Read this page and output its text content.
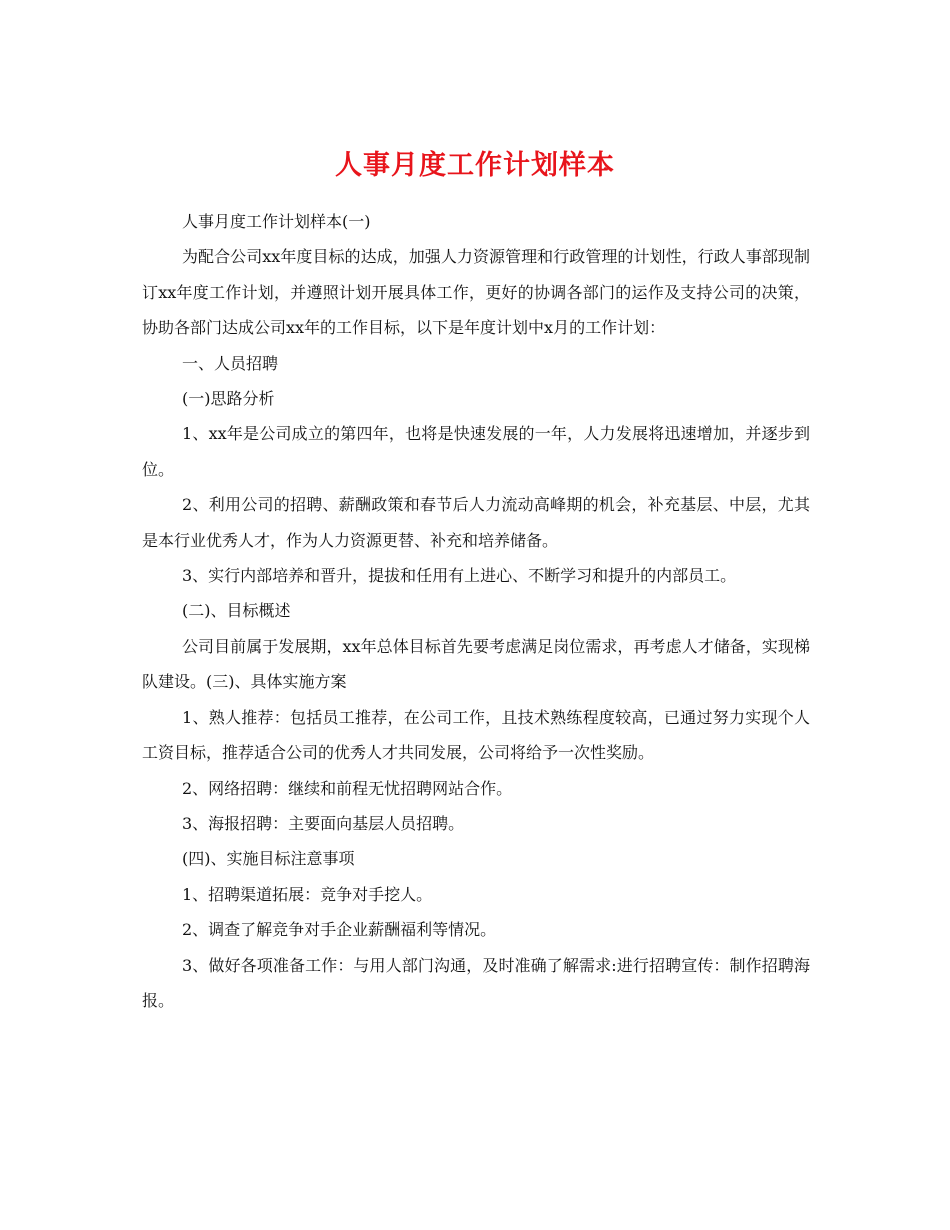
人事月度工作计划样本

人事月度工作计划样本(一)

为配合公司xx年度目标的达成，加强人力资源管理和行政管理的计划性，行政人事部现制订xx年度工作计划，并遵照计划开展具体工作，更好的协调各部门的运作及支持公司的决策，协助各部门达成公司xx年的工作目标，以下是年度计划中x月的工作计划：

一、人员招聘

(一)思路分析

1、xx年是公司成立的第四年，也将是快速发展的一年，人力发展将迅速增加，并逐步到位。

2、利用公司的招聘、薪酬政策和春节后人力流动高峰期的机会，补充基层、中层，尤其是本行业优秀人才，作为人力资源更替、补充和培养储备。

3、实行内部培养和晋升，提拔和任用有上进心、不断学习和提升的内部员工。

(二)、目标概述

公司目前属于发展期，xx年总体目标首先要考虑满足岗位需求，再考虑人才储备，实现梯队建设。(三)、具体实施方案

1、熟人推荐：包括员工推荐，在公司工作，且技术熟练程度较高，已通过努力实现个人工资目标，推荐适合公司的优秀人才共同发展，公司将给予一次性奖励。

2、网络招聘：继续和前程无忧招聘网站合作。

3、海报招聘：主要面向基层人员招聘。

(四)、实施目标注意事项

1、招聘渠道拓展：竞争对手挖人。

2、调查了解竞争对手企业薪酬福利等情况。

3、做好各项准备工作：与用人部门沟通，及时准确了解需求:进行招聘宣传：制作招聘海报。
